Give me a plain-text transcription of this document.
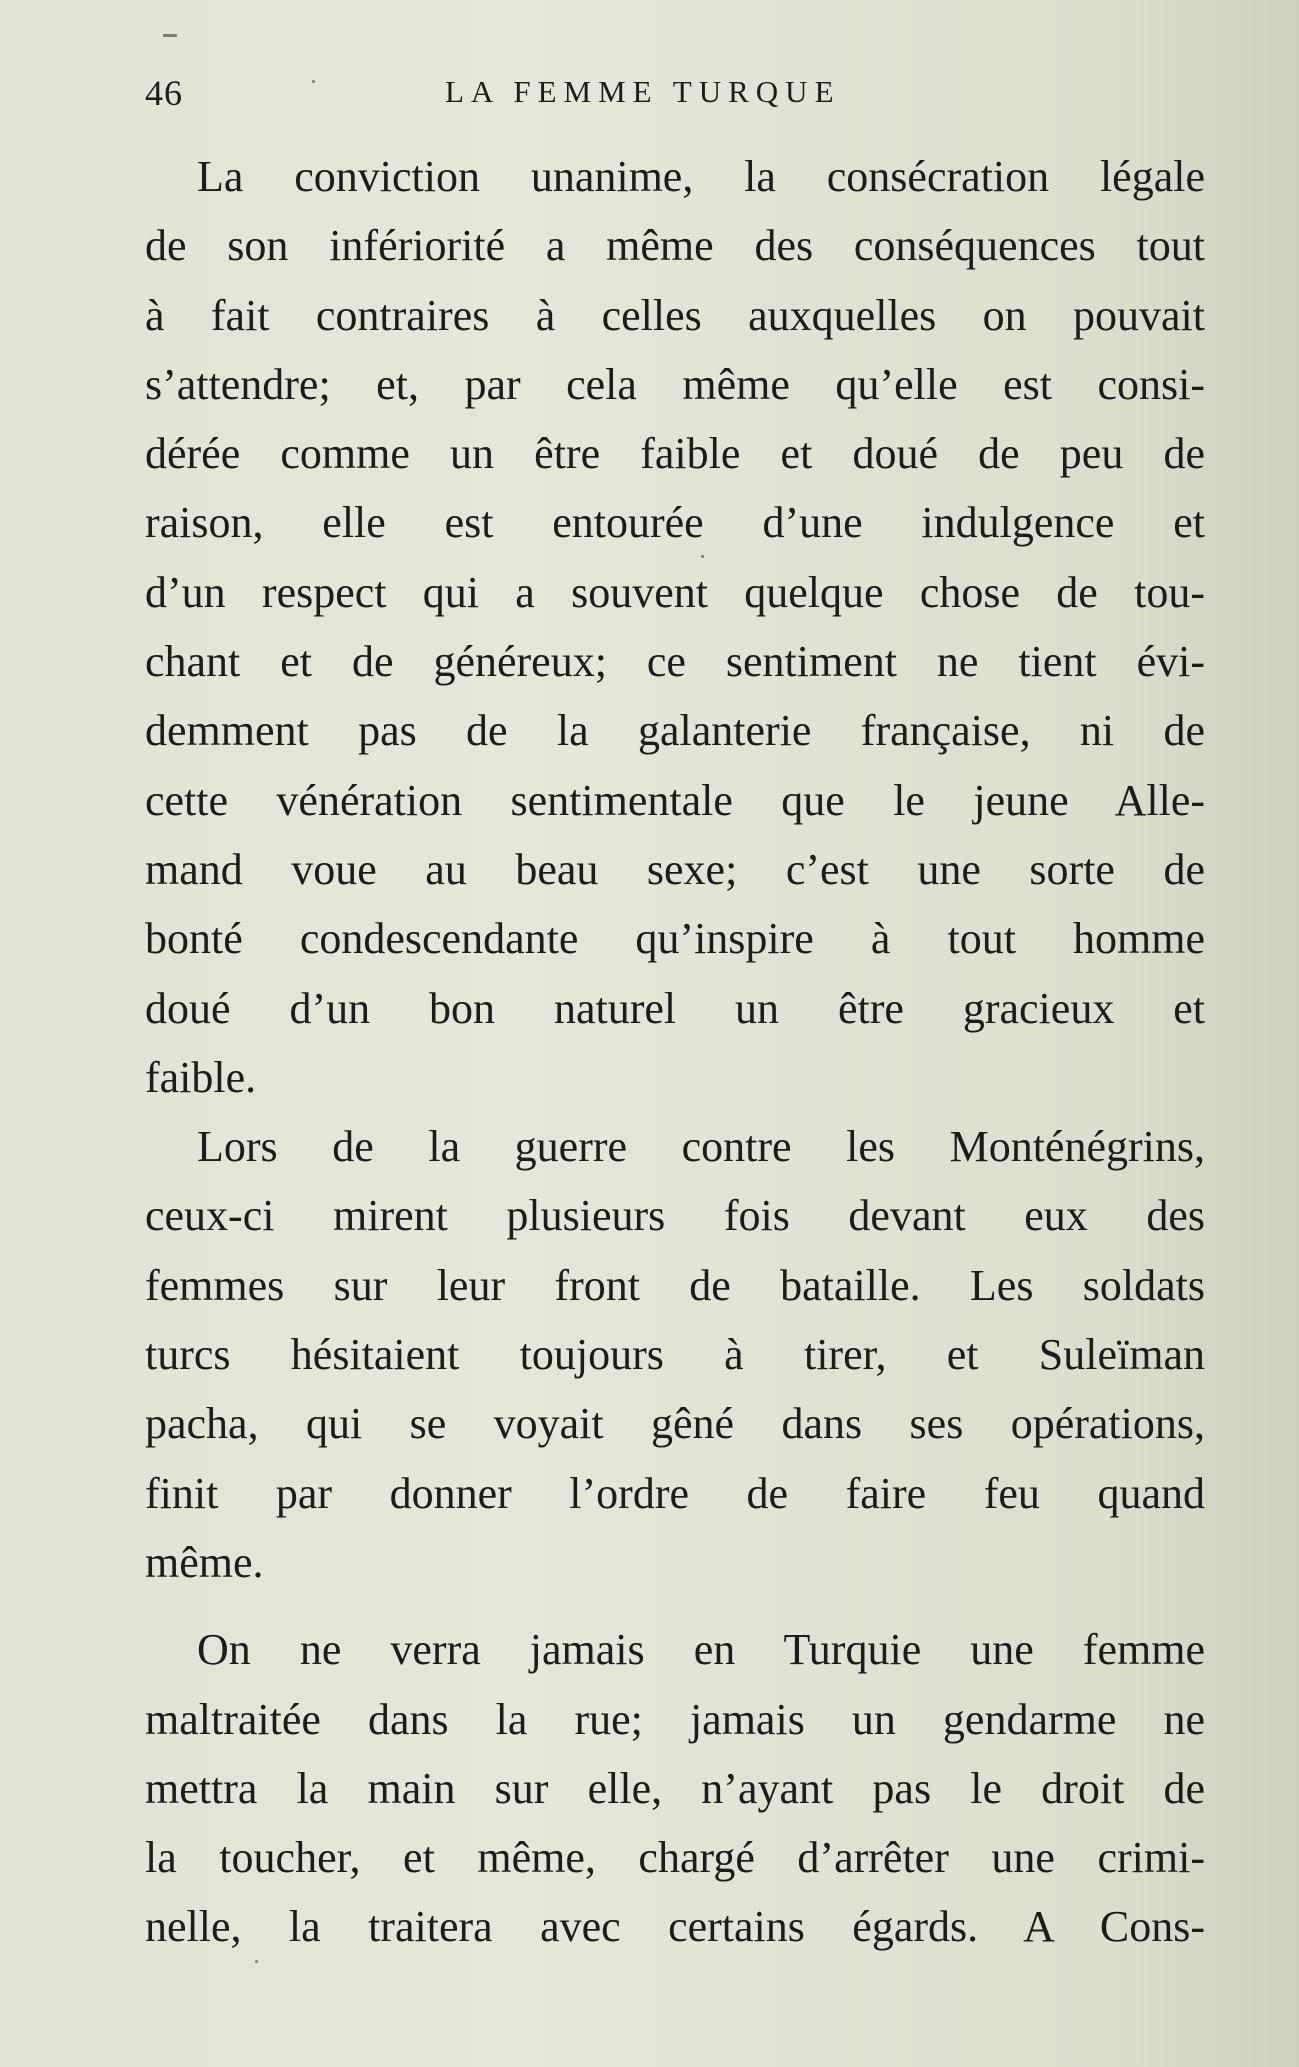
46	LA FEMME TURQUE
La conviction unanime, la consécration légale
de son infériorité a même des conséquences tout
à fait contraires à celles auxquelles on pouvait
s’attendre; et, par cela même qu’elle est consi-
dérée comme un être faible et doué de peu de
raison, elle est entourée d’une indulgence et
d’un respect qui a souvent quelque chose de tou-
chant et de généreux; ce sentiment ne tient évi-
demment pas de la galanterie française, ni de
cette vénération sentimentale que le jeune Alle-
mand voue au beau sexe; c’est une sorte de
bonté condescendante qu’inspire à tout homme
doué d’un bon naturel un être gracieux et
faible.
Lors de la guerre contre les Monténégrins,
ceux-ci mirent plusieurs fois devant eux des
femmes sur leur front de bataille. Les soldats
turcs hésitaient toujours à tirer, et Suleïman
pacha, qui se voyait gêné dans ses opérations,
finit par donner l’ordre de faire feu quand
même.
On ne verra jamais en Turquie une femme
maltraitée dans la rue; jamais un gendarme ne
mettra la main sur elle, n’ayant pas le droit de
la toucher, et même, chargé d’arrêter une crimi-
nelle, la traitera avec certains égards. A Cons-
